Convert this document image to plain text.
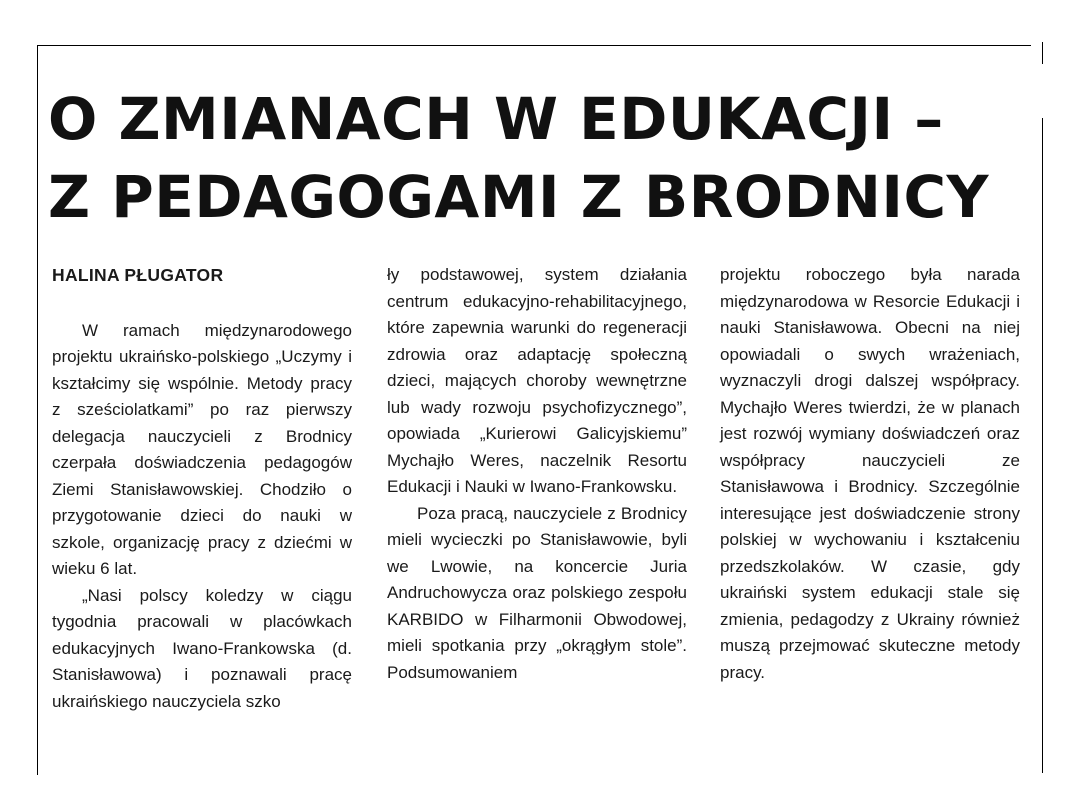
O ZMIANACH W EDUKACJI –
Z PEDAGOGAMI Z BRODNICY
HALINA PŁUGATOR

W ramach międzynarodowego projektu ukraińsko-polskiego „Uczymy i kształcimy się wspólnie. Metody pracy z sześciolatkami” po raz pierwszy delegacja nauczycieli z Brodnicy czerpała doświadczenia pedagogów Ziemi Stanisławowskiej. Chodziło o przygotowanie dzieci do nauki w szkole, organizację pracy z dziećmi w wieku 6 lat.

„Nasi polscy koledzy w ciągu tygodnia pracowali w placówkach edukacyjnych Iwano-Frankowska (d. Stanisławowa) i poznawali pracę ukraińskiego nauczyciela szko

ły podstawowej, system działania centrum edukacyjno-rehabilitacyjnego, które zapewnia warunki do regeneracji zdrowia oraz adaptację społeczną dzieci, mających choroby wewnętrzne lub wady rozwoju psychofizycznego”, opowiada „Kurierowi Galicyjskiemu” Mychajło Weres, naczelnik Resortu Edukacji i Nauki w Iwano-Frankowsku.

Poza pracą, nauczyciele z Brodnicy mieli wycieczki po Stanisławowie, byli we Lwowie, na koncercie Juria Andruchowycza oraz polskiego zespołu KARBIDO w Filharmonii Obwodowej, mieli spotkania przy „okrągłym stole”. Podsumowaniem

projektu roboczego była narada międzynarodowa w Resorcie Edukacji i nauki Stanisławowa. Obecni na niej opowiadali o swych wrażeniach, wyznaczyli drogi dalszej współpracy. Mychajło Weres twierdzi, że w planach jest rozwój wymiany doświadczeń oraz współpracy nauczycieli ze Stanisławowa i Brodnicy. Szczególnie interesujące jest doświadczenie strony polskiej w wychowaniu i kształceniu przedszkolaków. W czasie, gdy ukraiński system edukacji stale się zmienia, pedagodzy z Ukrainy również muszą przejmować skuteczne metody pracy.
